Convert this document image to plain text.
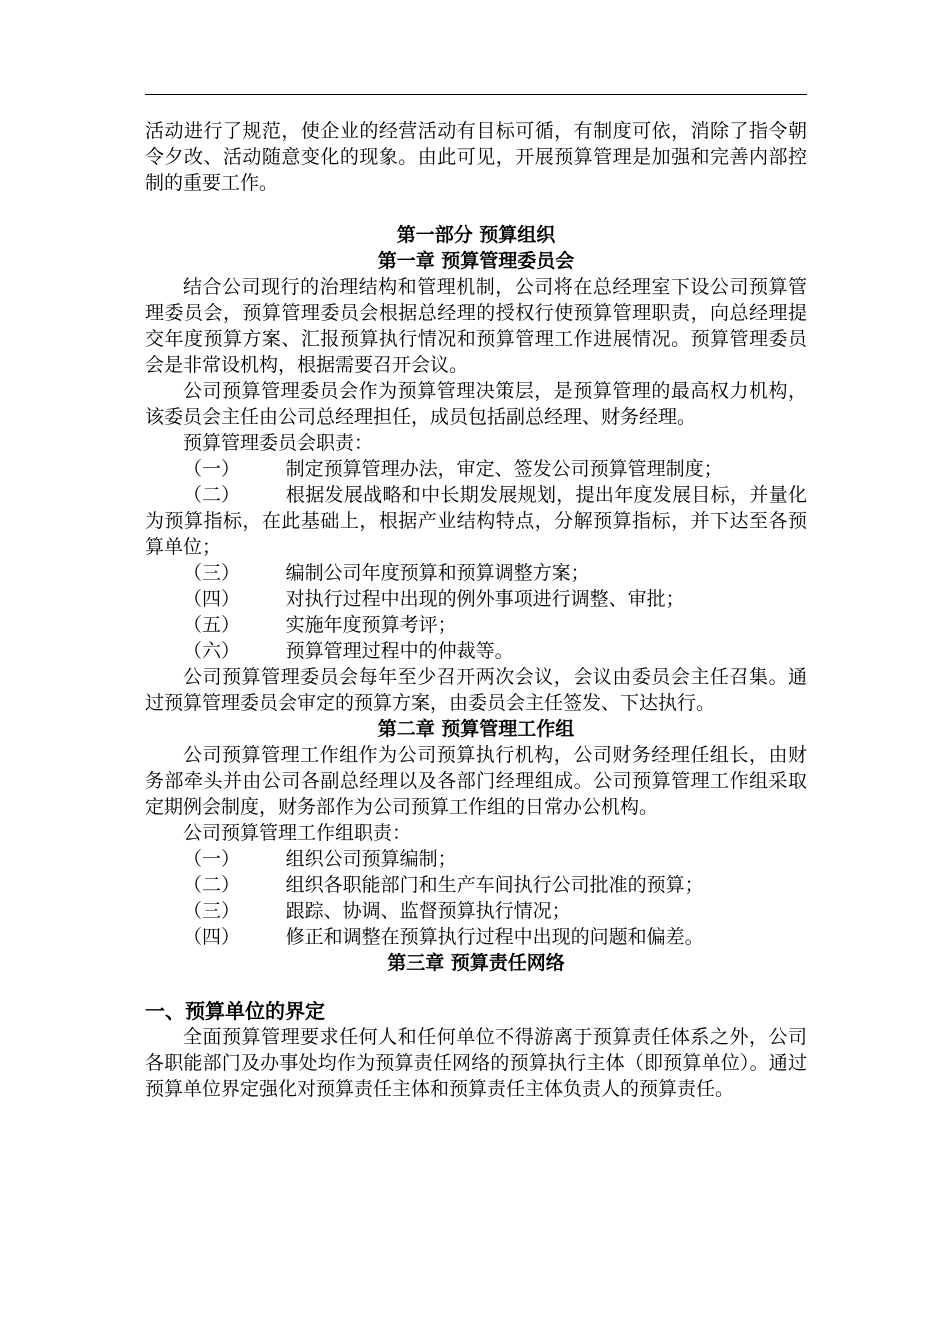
活动进行了规范，使企业的经营活动有目标可循，有制度可依，消除了指令朝令夕改、活动随意变化的现象。由此可见，开展预算管理是加强和完善内部控制的重要工作。

第一部分 预算组织

第一章 预算管理委员会

结合公司现行的治理结构和管理机制，公司将在总经理室下设公司预算管理委员会，预算管理委员会根据总经理的授权行使预算管理职责，向总经理提交年度预算方案、汇报预算执行情况和预算管理工作进展情况。预算管理委员会是非常设机构，根据需要召开会议。

公司预算管理委员会作为预算管理决策层，是预算管理的最高权力机构，该委员会主任由公司总经理担任，成员包括副总经理、财务经理。

预算管理委员会职责：

（一） 制定预算管理办法，审定、签发公司预算管理制度；

（二） 根据发展战略和中长期发展规划，提出年度发展目标，并量化为预算指标，在此基础上，根据产业结构特点，分解预算指标，并下达至各预算单位；

（三） 编制公司年度预算和预算调整方案；

（四） 对执行过程中出现的例外事项进行调整、审批；

（五） 实施年度预算考评；

（六） 预算管理过程中的仲裁等。

公司预算管理委员会每年至少召开两次会议，会议由委员会主任召集。通过预算管理委员会审定的预算方案，由委员会主任签发、下达执行。

第二章 预算管理工作组

公司预算管理工作组作为公司预算执行机构，公司财务经理任组长，由财务部牵头并由公司各副总经理以及各部门经理组成。公司预算管理工作组采取定期例会制度，财务部作为公司预算工作组的日常办公机构。

公司预算管理工作组职责：

（一） 组织公司预算编制；

（二） 组织各职能部门和生产车间执行公司批准的预算；

（三） 跟踪、协调、监督预算执行情况；

（四） 修正和调整在预算执行过程中出现的问题和偏差。

第三章 预算责任网络

一、预算单位的界定

全面预算管理要求任何人和任何单位不得游离于预算责任体系之外，公司各职能部门及办事处均作为预算责任网络的预算执行主体（即预算单位）。通过预算单位界定强化对预算责任主体和预算责任主体负责人的预算责任。
